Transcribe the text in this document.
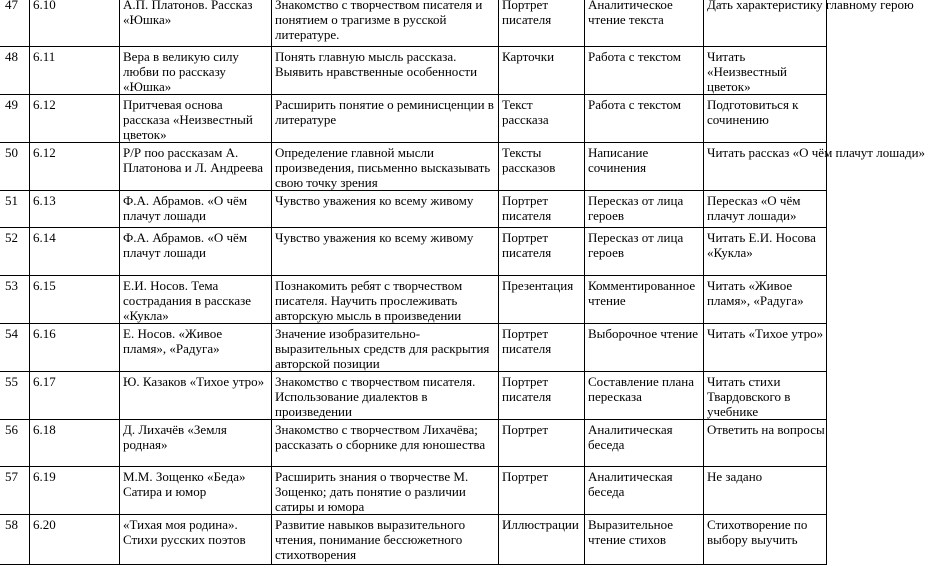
47	6.10	А.П. Платонов. Рассказ «Юшка»	Знакомство с творчеством писателя и понятием о трагизме в русской литературе.	Портрет писателя	Аналитическое чтение текста	Дать характеристику главному герою
48	6.11	Вера в великую силу любви по рассказу «Юшка»	Понять главную мысль рассказа. Выявить нравственные особенности	Карточки	Работа с текстом	Читать «Неизвестный цветок»
49	6.12	Притчевая основа рассказа «Неизвестный цветок»	Расширить понятие о реминисценции в литературе	Текст рассказа	Работа с текстом	Подготовиться к сочинению
50	6.12	Р/Р поо рассказам А. Платонова и Л. Андреева	Определение главной мысли произведения, письменно высказывать свою точку зрения	Тексты рассказов	Написание сочинения	Читать рассказ «О чём плачут лошади»
51	6.13	Ф.А. Абрамов. «О чём плачут лошади	Чувство уважения ко всему живому	Портрет писателя	Пересказ от лица героев	Пересказ «О чём плачут лошади»
52	6.14	Ф.А. Абрамов. «О чём плачут лошади	Чувство уважения ко всему живому	Портрет писателя	Пересказ от лица героев	Читать Е.И. Носова «Кукла»
53	6.15	Е.И. Носов. Тема сострадания в рассказе «Кукла»	Познакомить ребят с творчеством писателя. Научить прослеживать авторскую мысль в произведении	Презентация	Комментированное чтение	Читать «Живое пламя», «Радуга»
54	6.16	Е. Носов. «Живое пламя», «Радуга»	Значение изобразительно-выразительных средств для раскрытия авторской позиции	Портрет писателя	Выборочное чтение	Читать «Тихое утро»
55	6.17	Ю. Казаков «Тихое утро»	Знакомство с творчеством писателя. Использование диалектов в произведении	Портрет писателя	Составление плана пересказа	Читать стихи Твардовского в учебнике
56	6.18	Д. Лихачёв «Земля родная»	Знакомство с творчеством Лихачёва; рассказать о сборнике для юношества	Портрет	Аналитическая беседа	Ответить на вопросы
57	6.19	М.М. Зощенко «Беда» Сатира и юмор	Расширить знания о творчестве М. Зощенко; дать понятие о различии сатиры и юмора	Портрет	Аналитическая беседа	Не задано
58	6.20	«Тихая моя родина». Стихи русских поэтов	Развитие навыков выразительного чтения, понимание бессюжетного стихотворения	Иллюстрации	Выразительное чтение стихов	Стихотворение по выбору выучить
